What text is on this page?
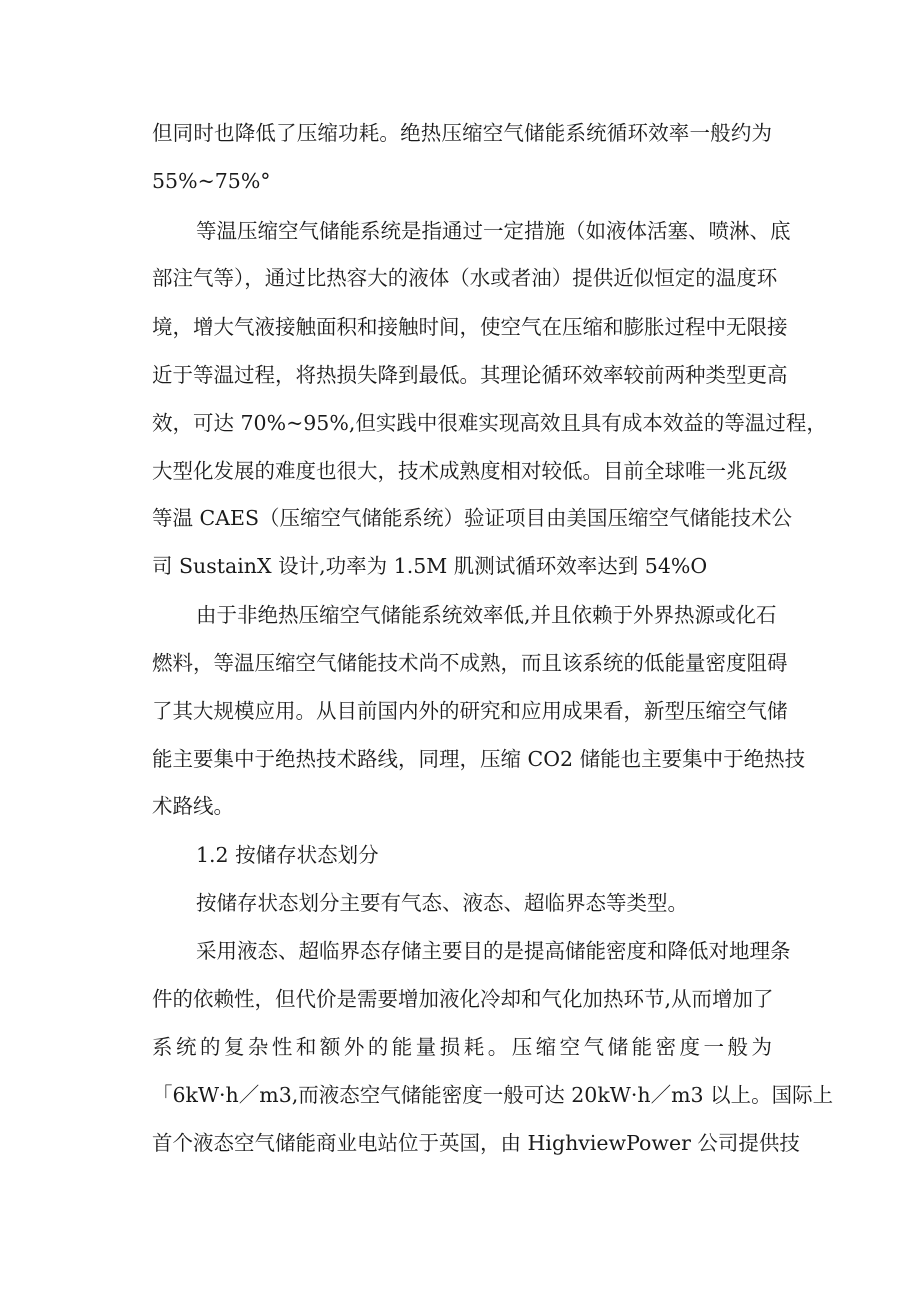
但同时也降低了压缩功耗。绝热压缩空气储能系统循环效率一般约为
55%~75%°
等温压缩空气储能系统是指通过一定措施（如液体活塞、喷淋、底
部注气等），通过比热容大的液体（水或者油）提供近似恒定的温度环
境，增大气液接触面积和接触时间，使空气在压缩和膨胀过程中无限接
近于等温过程，将热损失降到最低。其理论循环效率较前两种类型更高
效，可达 70%~95%,但实践中很难实现高效且具有成本效益的等温过程，
大型化发展的难度也很大，技术成熟度相对较低。目前全球唯一兆瓦级
等温 CAES（压缩空气储能系统）验证项目由美国压缩空气储能技术公
司 SustainX 设计,功率为 1.5M 肌测试循环效率达到 54%O
由于非绝热压缩空气储能系统效率低,并且依赖于外界热源或化石
燃料，等温压缩空气储能技术尚不成熟，而且该系统的低能量密度阻碍
了其大规模应用。从目前国内外的研究和应用成果看，新型压缩空气储
能主要集中于绝热技术路线，同理，压缩 CO2 储能也主要集中于绝热技
术路线。
1.2 按储存状态划分
按储存状态划分主要有气态、液态、超临界态等类型。
采用液态、超临界态存储主要目的是提高储能密度和降低对地理条
件的依赖性，但代价是需要增加液化冷却和气化加热环节,从而增加了
系统的复杂性和额外的能量损耗。压缩空气储能密度一般为
「6kW·h／m3,而液态空气储能密度一般可达 20kW·h／m3 以上。国际上
首个液态空气储能商业电站位于英国，由 HighviewPower 公司提供技
